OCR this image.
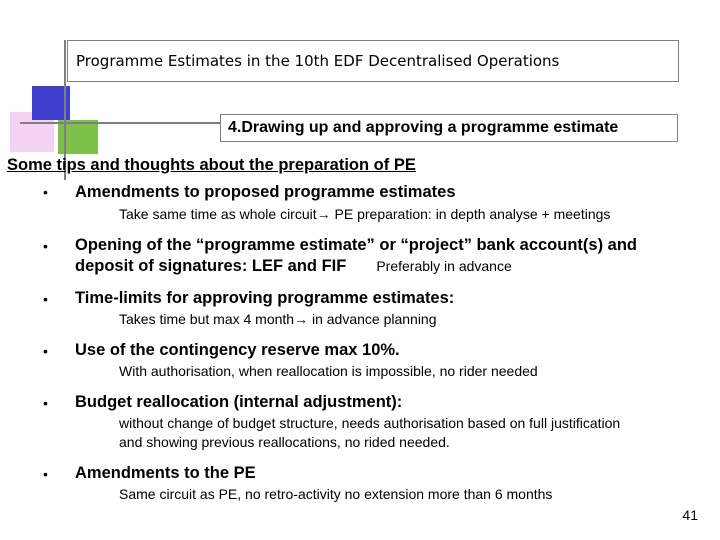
Programme Estimates in the 10th EDF Decentralised Operations
4.Drawing up and approving a programme estimate
Some tips and thoughts about the preparation of PE
• Amendments to proposed programme estimates
Take same time as whole circuit→ PE preparation: in depth analyse + meetings
• Opening of the “programme estimate” or “project” bank account(s) and
deposit of signatures: LEF and FIF Preferably in advance
• Time-limits for approving programme estimates:
Takes time but max 4 month→ in advance planning
• Use of the contingency reserve max 10%.
With authorisation, when reallocation is impossible, no rider needed
• Budget reallocation (internal adjustment):
without change of budget structure, needs authorisation based on full justification
and showing previous reallocations, no rided needed.
• Amendments to the PE
Same circuit as PE, no retro-activity no extension more than 6 months
41
